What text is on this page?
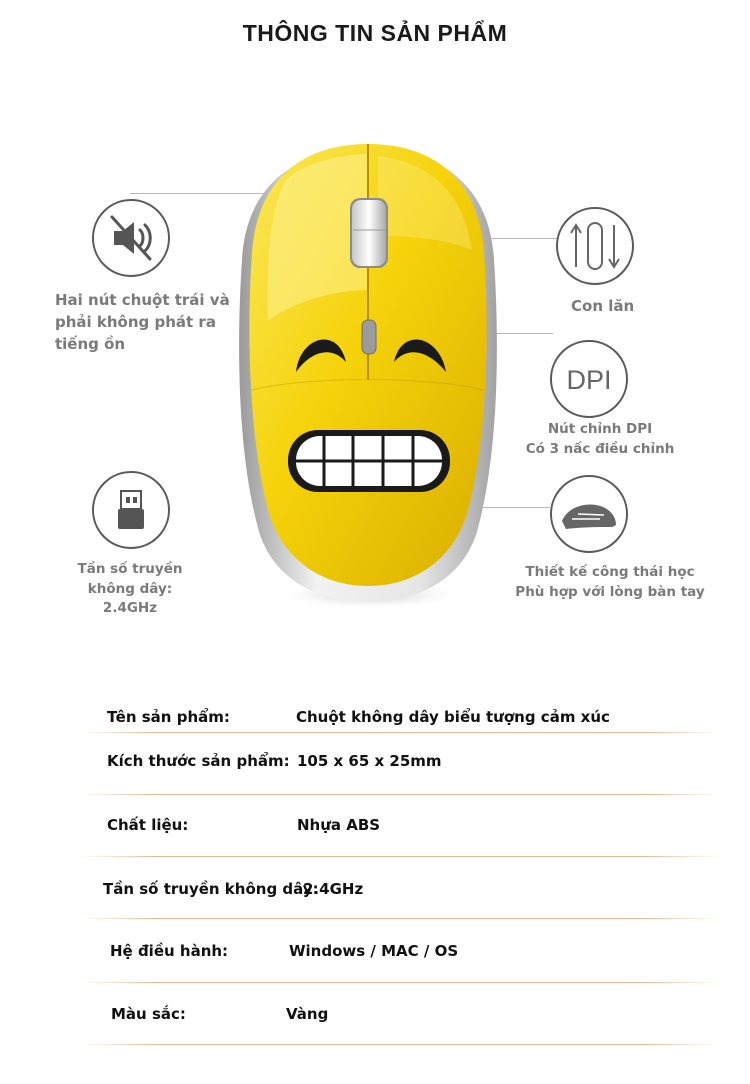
THÔNG TIN SẢN PHẨM
Hai nút chuột trái và
phải không phát ra
tiếng ồn
Con lăn
DPI
Nút chỉnh DPI
Có 3 nấc điều chỉnh
Tần số truyền
không dây:
2.4GHz
Thiết kế công thái học
Phù hợp với lòng bàn tay
Tên sản phẩm:	Chuột không dây biểu tượng cảm xúc
Kích thước sản phẩm: 105 x 65 x 25mm
Chất liệu:	Nhựa ABS
Tần số truyền không dây:
2.4GHz
Hệ điều hành:	Windows / MAC / OS
Màu sắc:	Vàng
